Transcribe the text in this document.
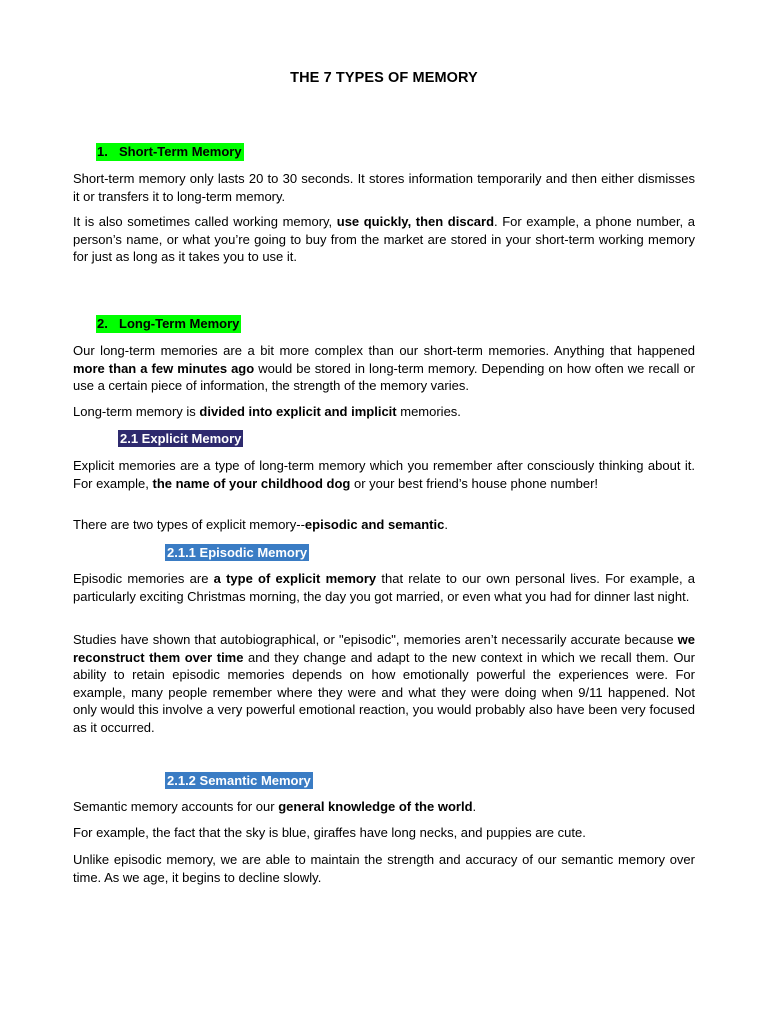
THE 7 TYPES OF MEMORY
1. Short-Term Memory

Short-term memory only lasts 20 to 30 seconds. It stores information temporarily and then either dismisses it or transfers it to long-term memory.

It is also sometimes called working memory, use quickly, then discard. For example, a phone number, a person’s name, or what you’re going to buy from the market are stored in your short-term working memory for just as long as it takes you to use it.

2. Long-Term Memory

Our long-term memories are a bit more complex than our short-term memories. Anything that happened more than a few minutes ago would be stored in long-term memory. Depending on how often we recall or use a certain piece of information, the strength of the memory varies.

Long-term memory is divided into explicit and implicit memories.

2.1 Explicit Memory

Explicit memories are a type of long-term memory which you remember after consciously thinking about it. For example, the name of your childhood dog or your best friend’s house phone number!

There are two types of explicit memory--episodic and semantic.

2.1.1 Episodic Memory

Episodic memories are a type of explicit memory that relate to our own personal lives. For example, a particularly exciting Christmas morning, the day you got married, or even what you had for dinner last night.

Studies have shown that autobiographical, or "episodic", memories aren’t necessarily accurate because we reconstruct them over time and they change and adapt to the new context in which we recall them. Our ability to retain episodic memories depends on how emotionally powerful the experiences were. For example, many people remember where they were and what they were doing when 9/11 happened. Not only would this involve a very powerful emotional reaction, you would probably also have been very focused as it occurred.

2.1.2 Semantic Memory

Semantic memory accounts for our general knowledge of the world.

For example, the fact that the sky is blue, giraffes have long necks, and puppies are cute.

Unlike episodic memory, we are able to maintain the strength and accuracy of our semantic memory over time. As we age, it begins to decline slowly.
